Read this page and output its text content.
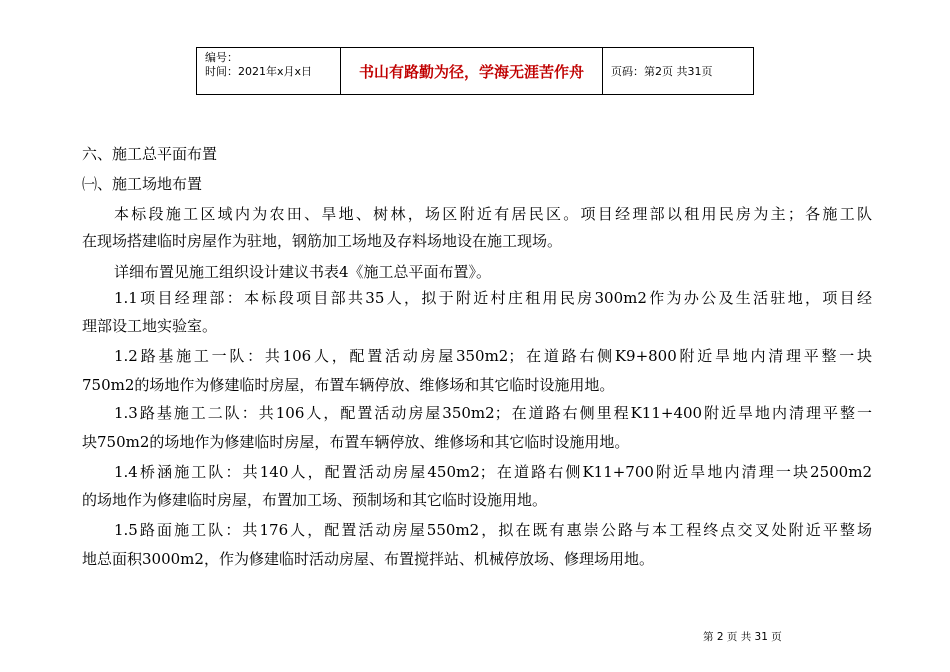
编号：
时间：2021年x月x日	书山有路勤为径，学海无涯苦作舟	页码：第2页 共31页
六、施工总平面布置
㈠、施工场地布置
本标段施工区域内为农田、旱地、树林，场区附近有居民区。项目经理部以租用民房为主；各施工队
在现场搭建临时房屋作为驻地，钢筋加工场地及存料场地设在施工现场。
详细布置见施工组织设计建议书表4《施工总平面布置》。
1.1项目经理部：本标段项目部共35人，拟于附近村庄租用民房300m2作为办公及生活驻地，项目经
理部设工地实验室。
1.2路基施工一队：共106人，配置活动房屋350m2；在道路右侧K9+800附近旱地内清理平整一块
750m2的场地作为修建临时房屋，布置车辆停放、维修场和其它临时设施用地。
1.3路基施工二队：共106人，配置活动房屋350m2；在道路右侧里程K11+400附近旱地内清理平整一
块750m2的场地作为修建临时房屋，布置车辆停放、维修场和其它临时设施用地。
1.4桥涵施工队：共140人，配置活动房屋450m2；在道路右侧K11+700附近旱地内清理一块2500m2
的场地作为修建临时房屋，布置加工场、预制场和其它临时设施用地。
1.5路面施工队：共176人，配置活动房屋550m2，拟在既有惠崇公路与本工程终点交叉处附近平整场
地总面积3000m2，作为修建临时活动房屋、布置搅拌站、机械停放场、修理场用地。
第 2 页 共 31 页
